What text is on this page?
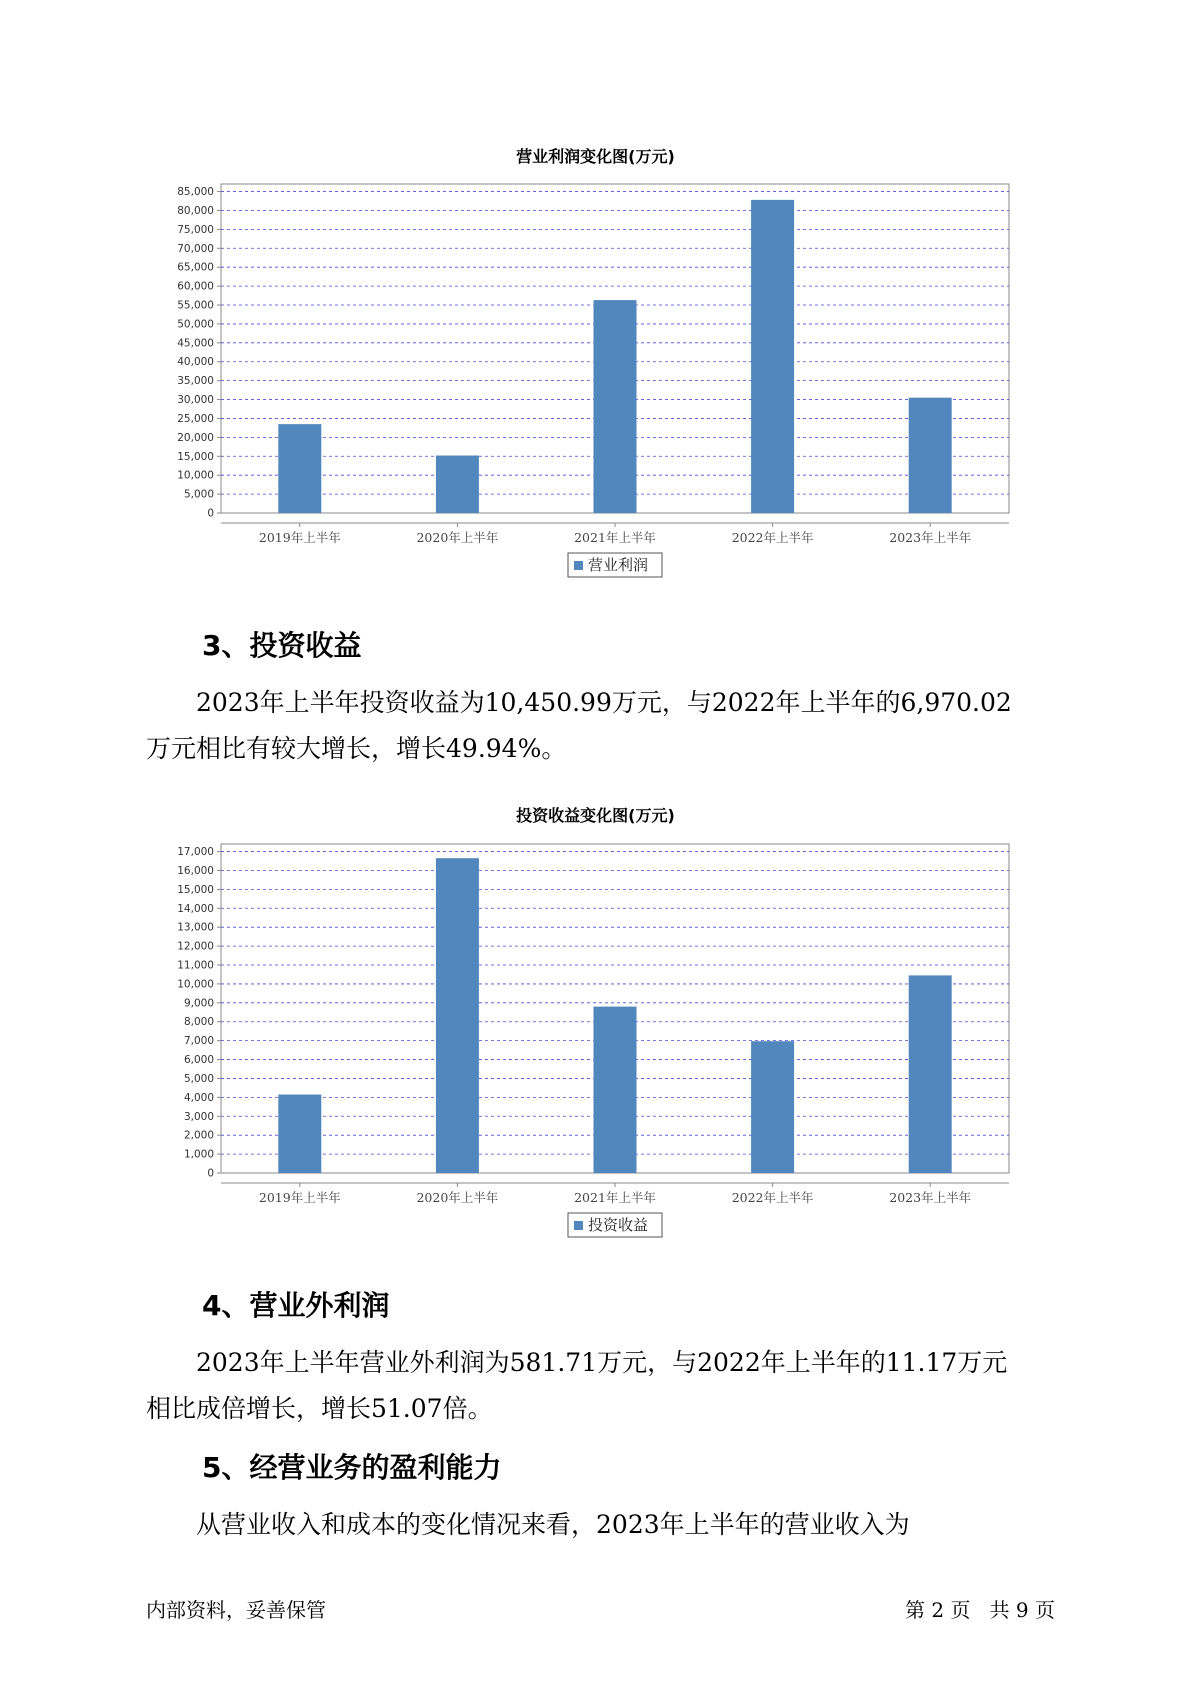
营业利润变化图(万元)
0
5,000
10,000
15,000
20,000
25,000
30,000
35,000
40,000
45,000
50,000
55,000
60,000
65,000
70,000
75,000
80,000
85,000
2019年上半年	2020年上半年	2021年上半年	2022年上半年	2023年上半年
营业利润
3、投资收益

2023年上半年投资收益为10,450.99万元，与2022年上半年的6,970.02

万元相比有较大增长，增长49.94%。

投资收益变化图(万元)
0
1,000
2,000
3,000
4,000
5,000
6,000
7,000
8,000
9,000
10,000
11,000
12,000
13,000
14,000
15,000
16,000
17,000
2019年上半年	2020年上半年	2021年上半年	2022年上半年	2023年上半年
投资收益
4、营业外利润

2023年上半年营业外利润为581.71万元，与2022年上半年的11.17万元

相比成倍增长，增长51.07倍。

5、经营业务的盈利能力

从营业收入和成本的变化情况来看，2023年上半年的营业收入为

内部资料，妥善保管	第 2 页   共 9 页
